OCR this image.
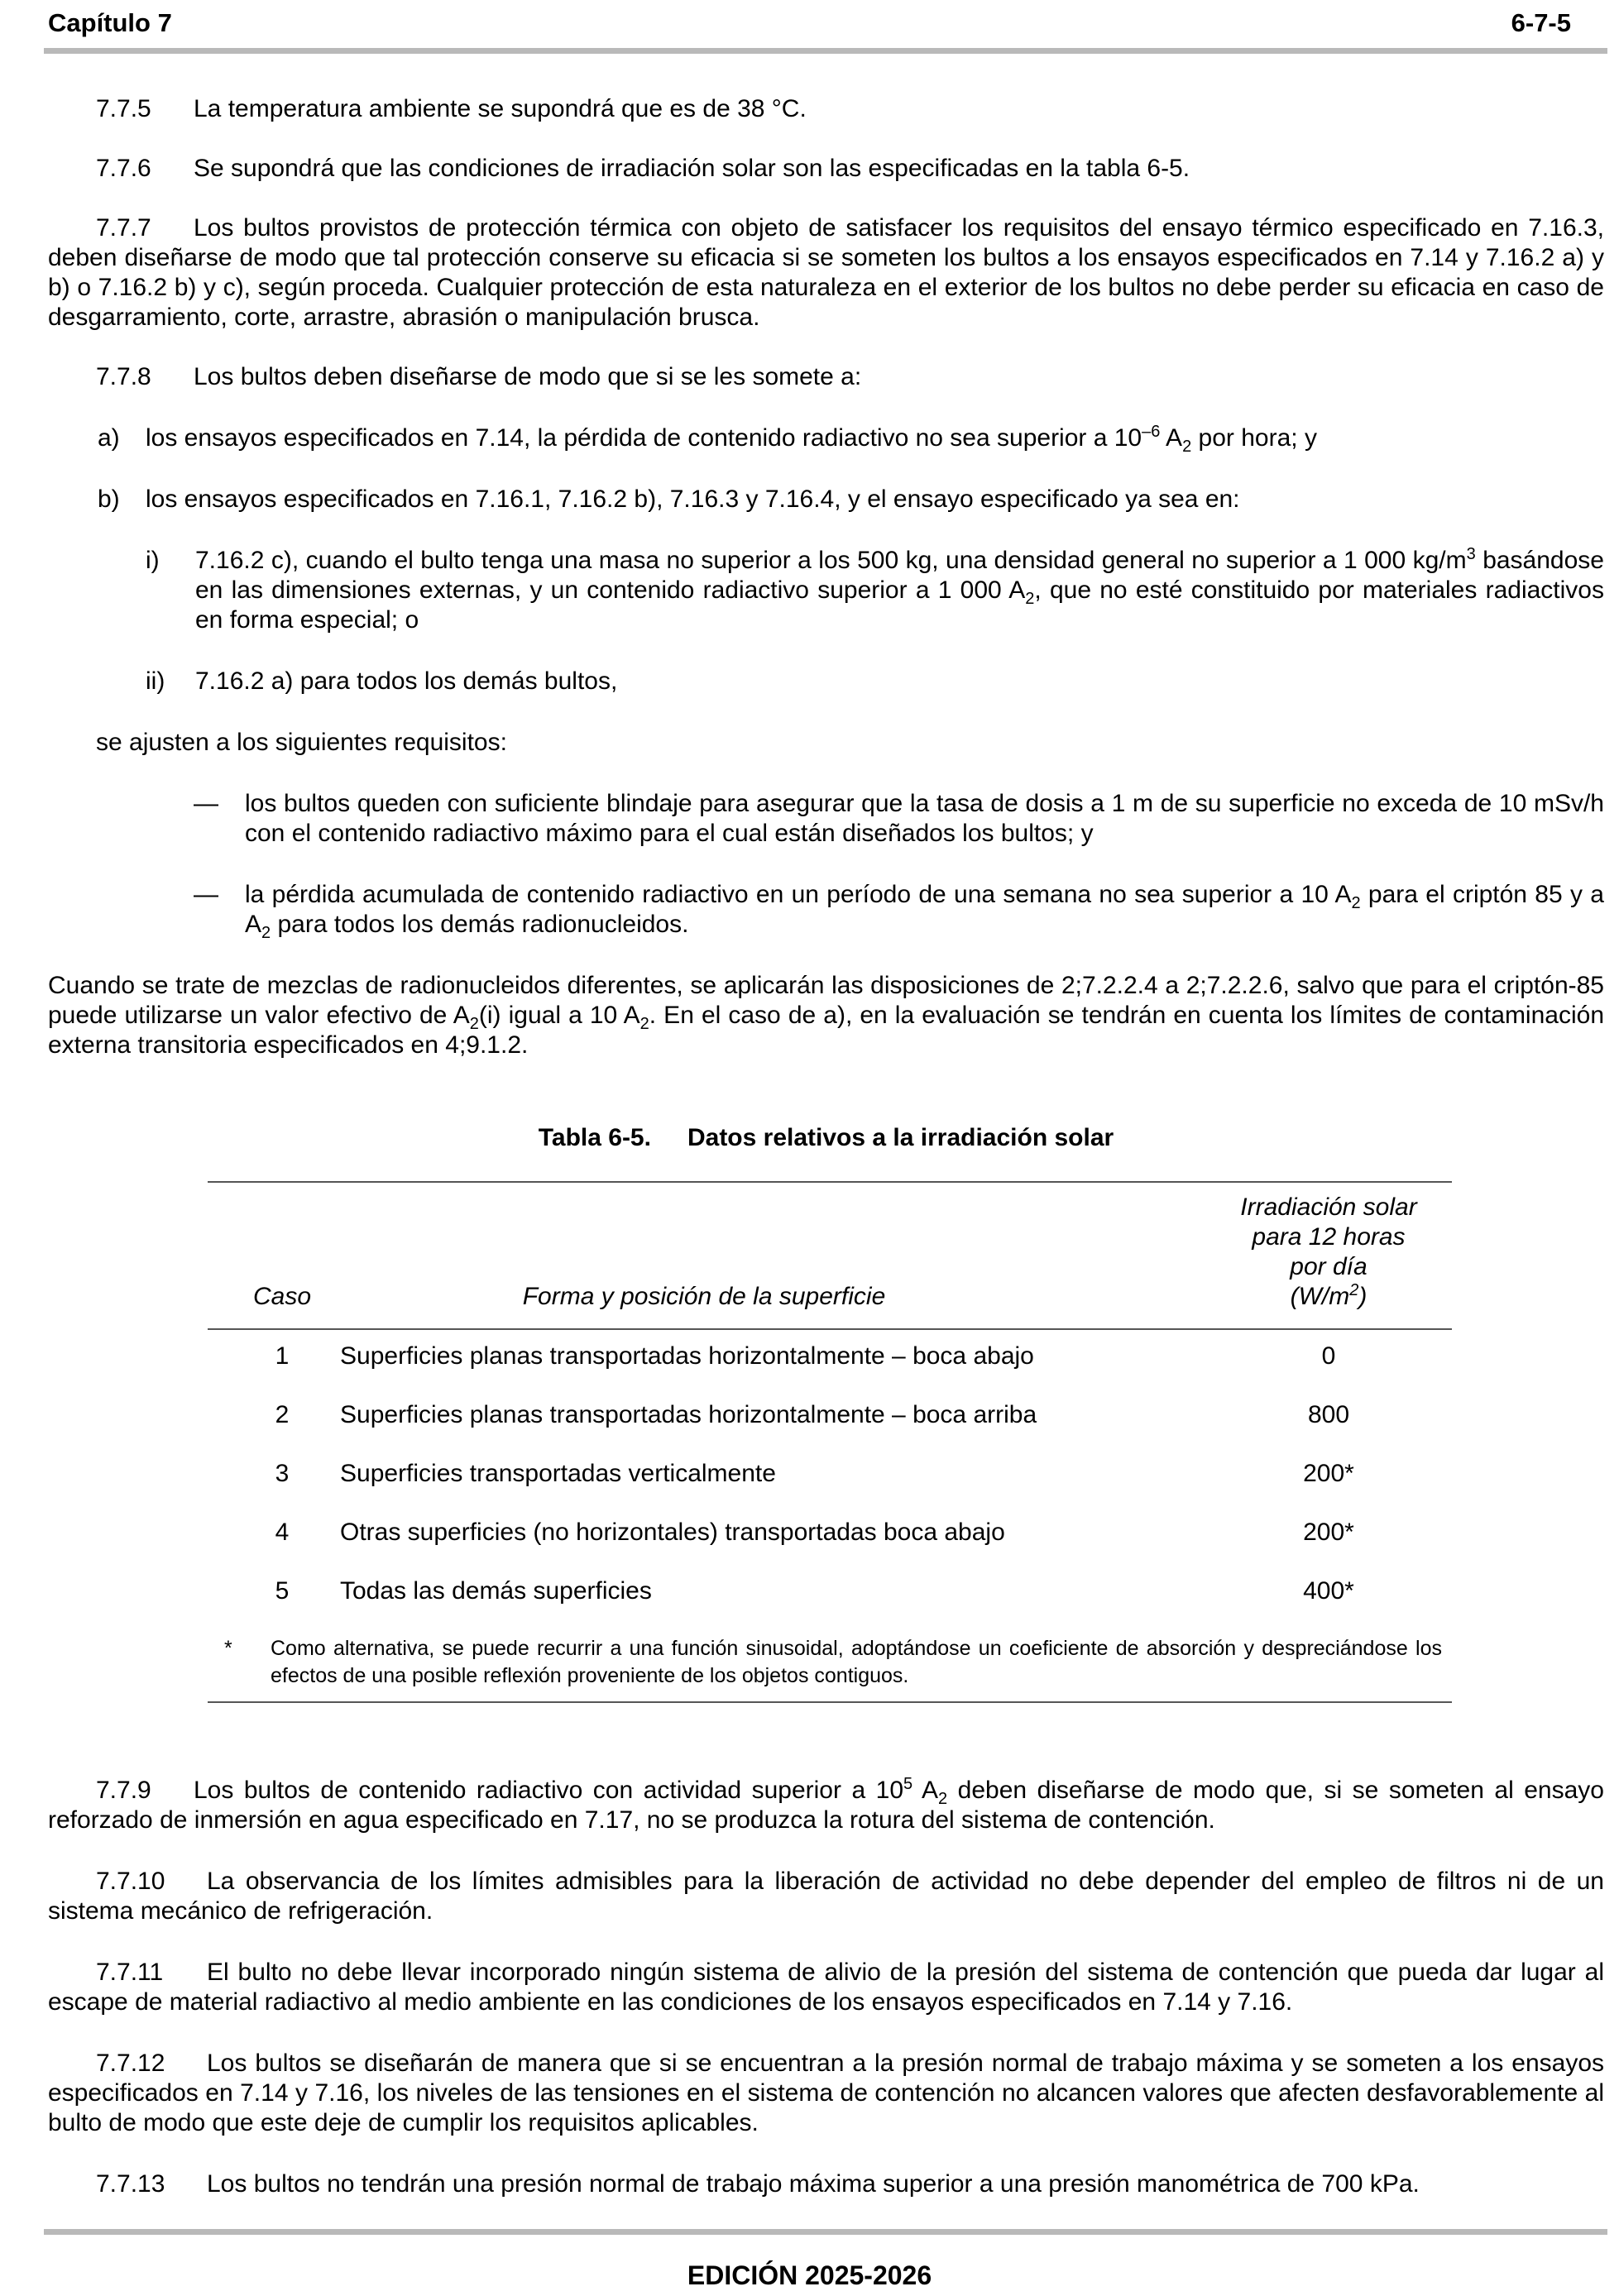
Capítulo 7	6-7-5

7.7.5 La temperatura ambiente se supondrá que es de 38 °C.

7.7.6 Se supondrá que las condiciones de irradiación solar son las especificadas en la tabla 6-5.

7.7.7 Los bultos provistos de protección térmica con objeto de satisfacer los requisitos del ensayo térmico especificado en 7.16.3, deben diseñarse de modo que tal protección conserve su eficacia si se someten los bultos a los ensayos especificados en 7.14 y 7.16.2 a) y b) o 7.16.2 b) y c), según proceda. Cualquier protección de esta naturaleza en el exterior de los bultos no debe perder su eficacia en caso de desgarramiento, corte, arrastre, abrasión o manipulación brusca.

7.7.8 Los bultos deben diseñarse de modo que si se les somete a:

a) los ensayos especificados en 7.14, la pérdida de contenido radiactivo no sea superior a $10^{-6}$ $A_2$ por hora; y

b) los ensayos especificados en 7.16.1, 7.16.2 b), 7.16.3 y 7.16.4, y el ensayo especificado ya sea en:

i) 7.16.2 c), cuando el bulto tenga una masa no superior a los 500 kg, una densidad general no superior a 1 000 $kg/m^3$ basándose en las dimensiones externas, y un contenido radiactivo superior a 1 000 $A_2$, que no esté constituido por materiales radiactivos en forma especial; o

ii) 7.16.2 a) para todos los demás bultos,

se ajusten a los siguientes requisitos:

— los bultos queden con suficiente blindaje para asegurar que la tasa de dosis a 1 m de su superficie no exceda de 10 mSv/h con el contenido radiactivo máximo para el cual están diseñados los bultos; y

— la pérdida acumulada de contenido radiactivo en un período de una semana no sea superior a 10 $A_2$ para el criptón 85 y a $A_2$ para todos los demás radionucleidos.

Cuando se trate de mezclas de radionucleidos diferentes, se aplicarán las disposiciones de 2;7.2.2.4 a 2;7.2.2.6, salvo que para el criptón-85 puede utilizarse un valor efectivo de $A_2(i)$ igual a 10 $A_2$. En el caso de a), en la evaluación se tendrán en cuenta los límites de contaminación externa transitoria especificados en 4;9.1.2.

Tabla 6-5. Datos relativos a la irradiación solar

Caso	Forma y posición de la superficie
Irradiación solar
para 12 horas
por día
$(W/m^2)$
1	Superficies planas transportadas horizontalmente – boca abajo	0
2	Superficies planas transportadas horizontalmente – boca arriba	800
3	Superficies transportadas verticalmente	200*
4	Otras superficies (no horizontales) transportadas boca abajo	200*
5	Todas las demás superficies	400*

* Como alternativa, se puede recurrir a una función sinusoidal, adoptándose un coeficiente de absorción y despreciándose los efectos de una posible reflexión proveniente de los objetos contiguos.

7.7.9 Los bultos de contenido radiactivo con actividad superior a $10^5$ $A_2$ deben diseñarse de modo que, si se someten al ensayo reforzado de inmersión en agua especificado en 7.17, no se produzca la rotura del sistema de contención.

7.7.10 La observancia de los límites admisibles para la liberación de actividad no debe depender del empleo de filtros ni de un sistema mecánico de refrigeración.

7.7.11 El bulto no debe llevar incorporado ningún sistema de alivio de la presión del sistema de contención que pueda dar lugar al escape de material radiactivo al medio ambiente en las condiciones de los ensayos especificados en 7.14 y 7.16.

7.7.12 Los bultos se diseñarán de manera que si se encuentran a la presión normal de trabajo máxima y se someten a los ensayos especificados en 7.14 y 7.16, los niveles de las tensiones en el sistema de contención no alcancen valores que afecten desfavorablemente al bulto de modo que este deje de cumplir los requisitos aplicables.

7.7.13 Los bultos no tendrán una presión normal de trabajo máxima superior a una presión manométrica de 700 kPa.

EDICIÓN 2025-2026
